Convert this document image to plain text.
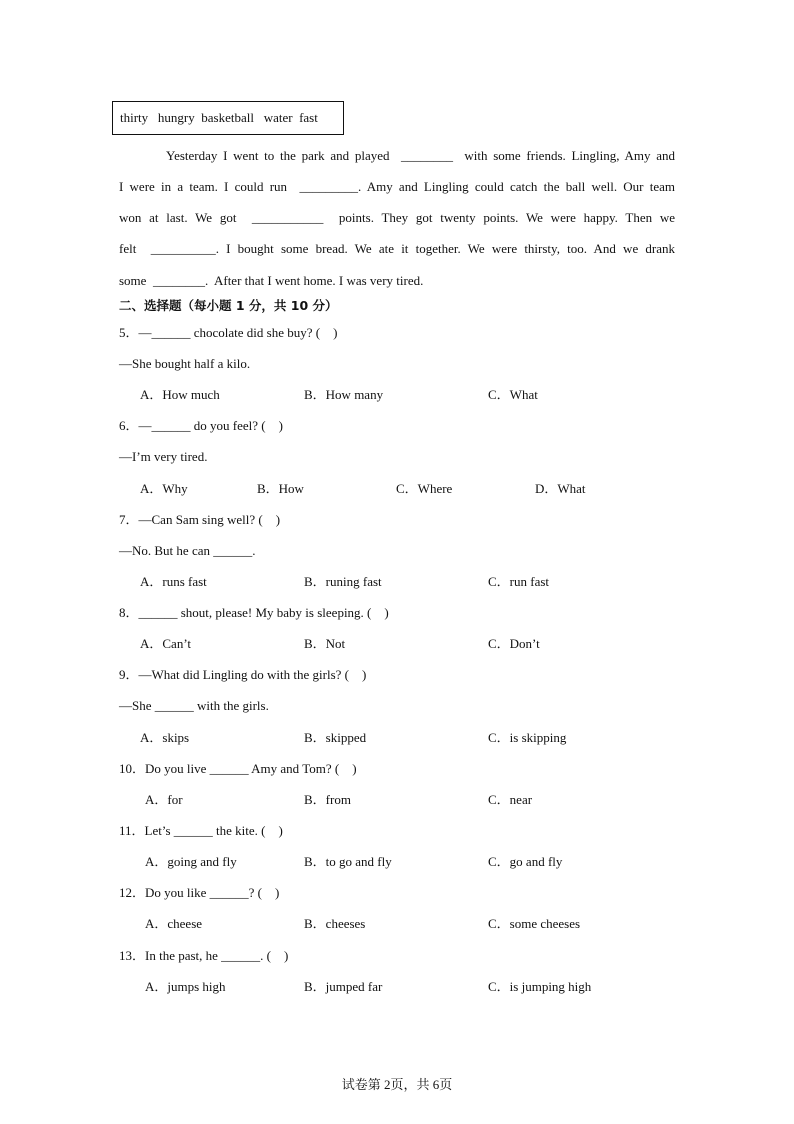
thirty   hungry  basketball   water  fast
Yesterday I went to the park and played  ________  with some friends. Lingling, Amy and
I were in a team. I could run  _________. Amy and Lingling could catch the ball well. Our team
won at last. We got  ___________  points. They got twenty points. We were happy. Then we
felt  __________. I bought some bread. We ate it together. We were thirsty, too. And we drank
some  ________.  After that I went home. I was very tired.
二、选择题（每小题 1 分，共 10 分）
5．—______ chocolate did she buy? (    )
—She bought half a kilo.
A．How much	B．How many	C．What
6．—______ do you feel? (    )
—I’m very tired.
A．Why	B．How	C．Where	D．What
7．—Can Sam sing well? (    )
—No. But he can ______.
A．runs fast	B．runing fast	C．run fast
8．______ shout, please! My baby is sleeping. (    )
A．Can’t	B．Not	C．Don’t
9．—What did Lingling do with the girls? (    )
—She ______ with the girls.
A．skips	B．skipped	C．is skipping
10．Do you live ______ Amy and Tom? (    )
A．for	B．from	C．near
11．Let’s ______ the kite. (    )
A．going and fly	B．to go and fly	C．go and fly
12．Do you like ______? (    )
A．cheese	B．cheeses	C．some cheeses
13．In the past, he ______. (    )
A．jumps high	B．jumped far	C．is jumping high
试卷第 2页，共 6页
